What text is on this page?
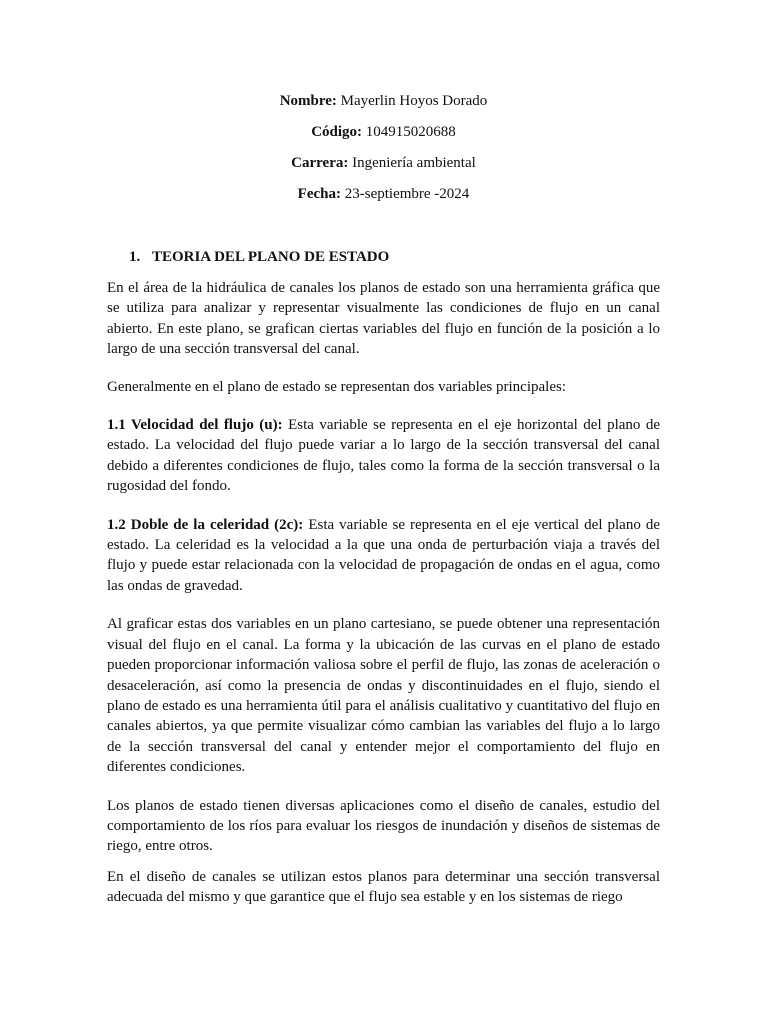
Nombre: Mayerlin Hoyos Dorado
Código: 104915020688
Carrera: Ingeniería ambiental
Fecha: 23-septiembre -2024
1. TEORIA DEL PLANO DE ESTADO

En el área de la hidráulica de canales los planos de estado son una herramienta gráfica que se utiliza para analizar y representar visualmente las condiciones de flujo en un canal abierto. En este plano, se grafican ciertas variables del flujo en función de la posición a lo largo de una sección transversal del canal.

Generalmente en el plano de estado se representan dos variables principales:

1.1 Velocidad del flujo (u): Esta variable se representa en el eje horizontal del plano de estado. La velocidad del flujo puede variar a lo largo de la sección transversal del canal debido a diferentes condiciones de flujo, tales como la forma de la sección transversal o la rugosidad del fondo.

1.2 Doble de la celeridad (2c): Esta variable se representa en el eje vertical del plano de estado. La celeridad es la velocidad a la que una onda de perturbación viaja a través del flujo y puede estar relacionada con la velocidad de propagación de ondas en el agua, como las ondas de gravedad.

Al graficar estas dos variables en un plano cartesiano, se puede obtener una representación visual del flujo en el canal. La forma y la ubicación de las curvas en el plano de estado pueden proporcionar información valiosa sobre el perfil de flujo, las zonas de aceleración o desaceleración, así como la presencia de ondas y discontinuidades en el flujo, siendo el plano de estado es una herramienta útil para el análisis cualitativo y cuantitativo del flujo en canales abiertos, ya que permite visualizar cómo cambian las variables del flujo a lo largo de la sección transversal del canal y entender mejor el comportamiento del flujo en diferentes condiciones.

Los planos de estado tienen diversas aplicaciones como el diseño de canales, estudio del comportamiento de los ríos para evaluar los riesgos de inundación y diseños de sistemas de riego, entre otros.

En el diseño de canales se utilizan estos planos para determinar una sección transversal adecuada del mismo y que garantice que el flujo sea estable y en los sistemas de riego
